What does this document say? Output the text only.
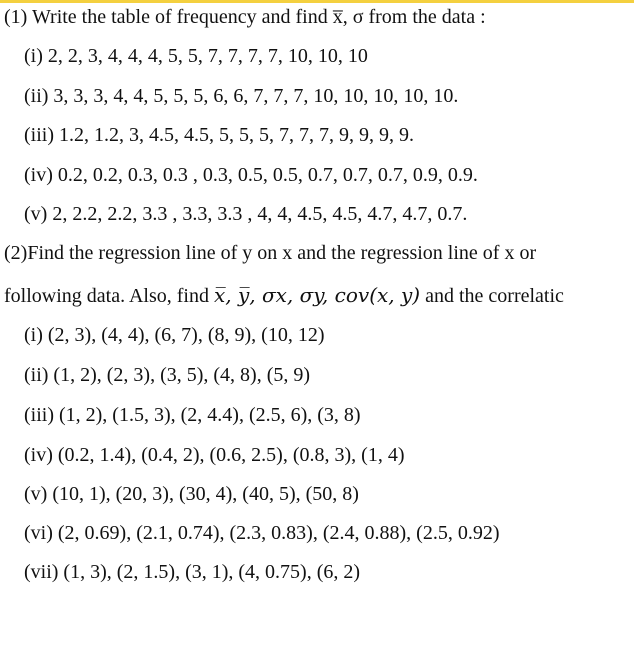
(1) Write the table of frequency and find x̅, σ from the data :
(i) 2, 2, 3, 4, 4, 4, 5, 5, 7, 7, 7, 7, 10, 10, 10
(ii) 3, 3, 3, 4, 4, 5, 5, 5, 6, 6, 7, 7, 7, 10, 10, 10, 10, 10.
(iii) 1.2, 1.2, 3, 4.5, 4.5, 5, 5, 5, 7, 7, 7, 9, 9, 9, 9.
(iv) 0.2, 0.2, 0.3, 0.3 , 0.3, 0.5, 0.5, 0.7, 0.7, 0.7, 0.9, 0.9.
(v) 2, 2.2, 2.2, 3.3 , 3.3, 3.3 , 4, 4, 4.5, 4.5, 4.7, 4.7, 0.7.
(2)Find the regression line of y on x and the regression line of x or
following data. Also, find x̅, y̅, σx, σy, cov(x, y) and the correlatic
(i) (2, 3), (4, 4), (6, 7), (8, 9), (10, 12)
(ii) (1, 2), (2, 3), (3, 5), (4, 8), (5, 9)
(iii) (1, 2), (1.5, 3), (2, 4.4), (2.5, 6), (3, 8)
(iv) (0.2, 1.4), (0.4, 2), (0.6, 2.5), (0.8, 3), (1, 4)
(v) (10, 1), (20, 3), (30, 4), (40, 5), (50, 8)
(vi) (2, 0.69), (2.1, 0.74), (2.3, 0.83), (2.4, 0.88), (2.5, 0.92)
(vii) (1, 3), (2, 1.5), (3, 1), (4, 0.75), (6, 2)
